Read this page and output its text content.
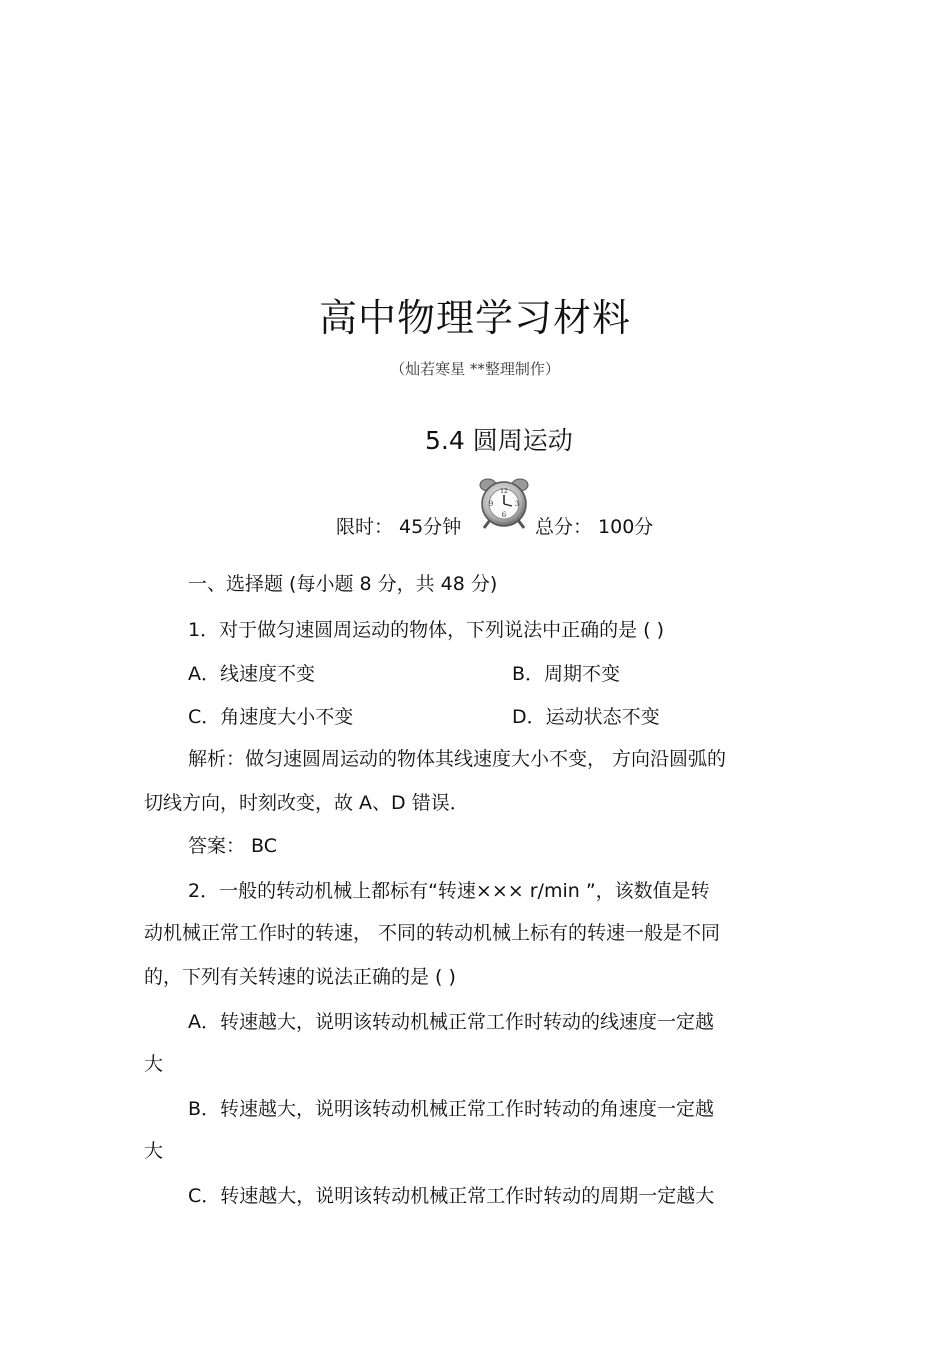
高中物理学习材料
（灿若寒星 **整理制作）
5.4 圆周运动
限时： 45分钟
12
9	3
6
总分： 100分
一、选择题 (每小题 8 分，共 48 分)
1．对于做匀速圆周运动的物体，下列说法中正确的是 ( )
A．线速度不变	B．周期不变
C．角速度大小不变	D．运动状态不变
解析：做匀速圆周运动的物体其线速度大小不变， 方向沿圆弧的
切线方向，时刻改变，故 A、D 错误．
答案： BC
2．一般的转动机械上都标有“转速××× r/min ”，该数值是转
动机械正常工作时的转速， 不同的转动机械上标有的转速一般是不同
的，下列有关转速的说法正确的是 ( )
A．转速越大，说明该转动机械正常工作时转动的线速度一定越
大
B．转速越大，说明该转动机械正常工作时转动的角速度一定越
大
C．转速越大，说明该转动机械正常工作时转动的周期一定越大
